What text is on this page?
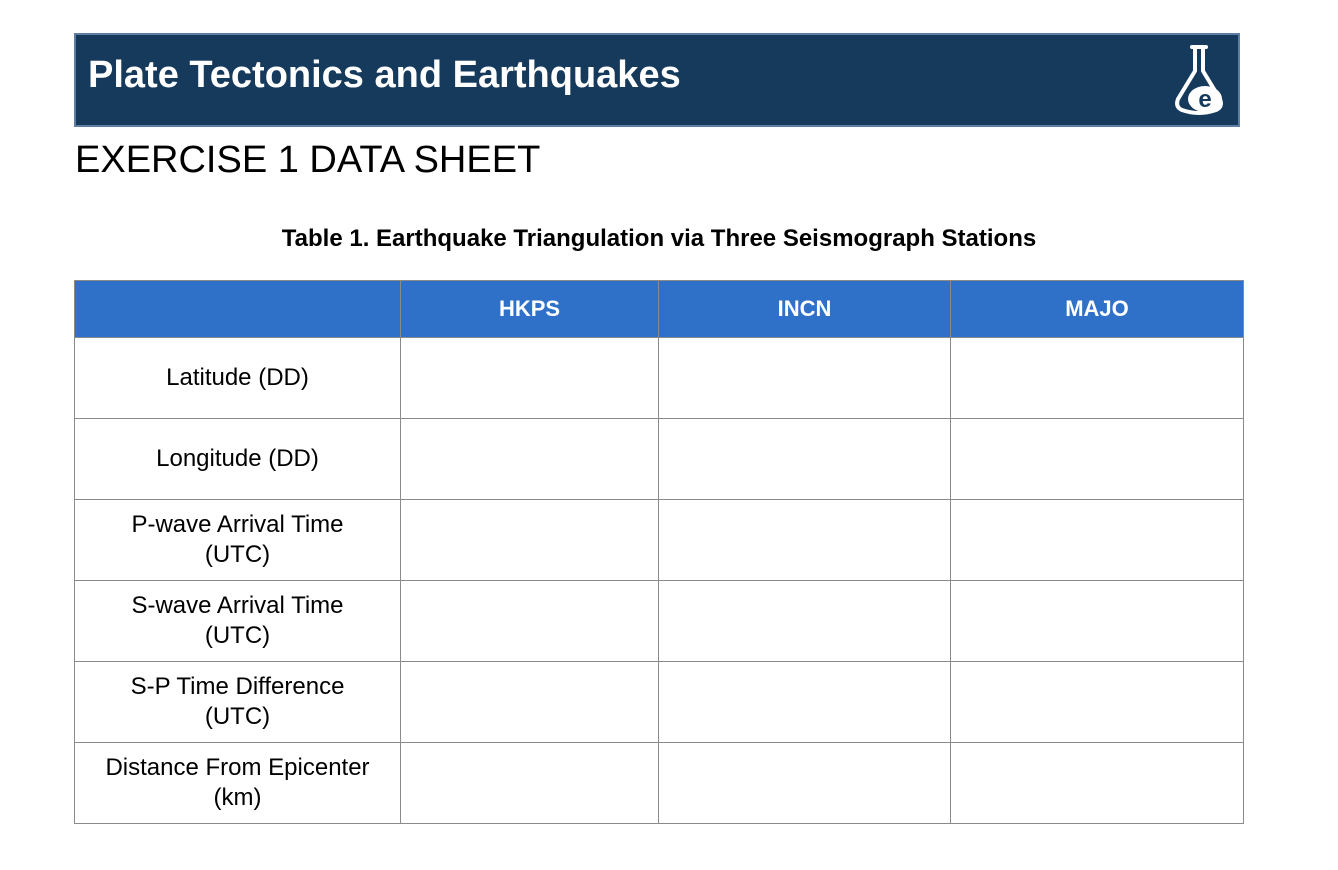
Plate Tectonics and Earthquakes
e
EXERCISE 1 DATA SHEET
Table 1. Earthquake Triangulation via Three Seismograph Stations
	HKPS	INCN	MAJO

Latitude (DD)			

Longitude (DD)			

P-wave Arrival Time
(UTC)			

S-wave Arrival Time
(UTC)			

S-P Time Difference
(UTC)			

Distance From Epicenter
(km)			
